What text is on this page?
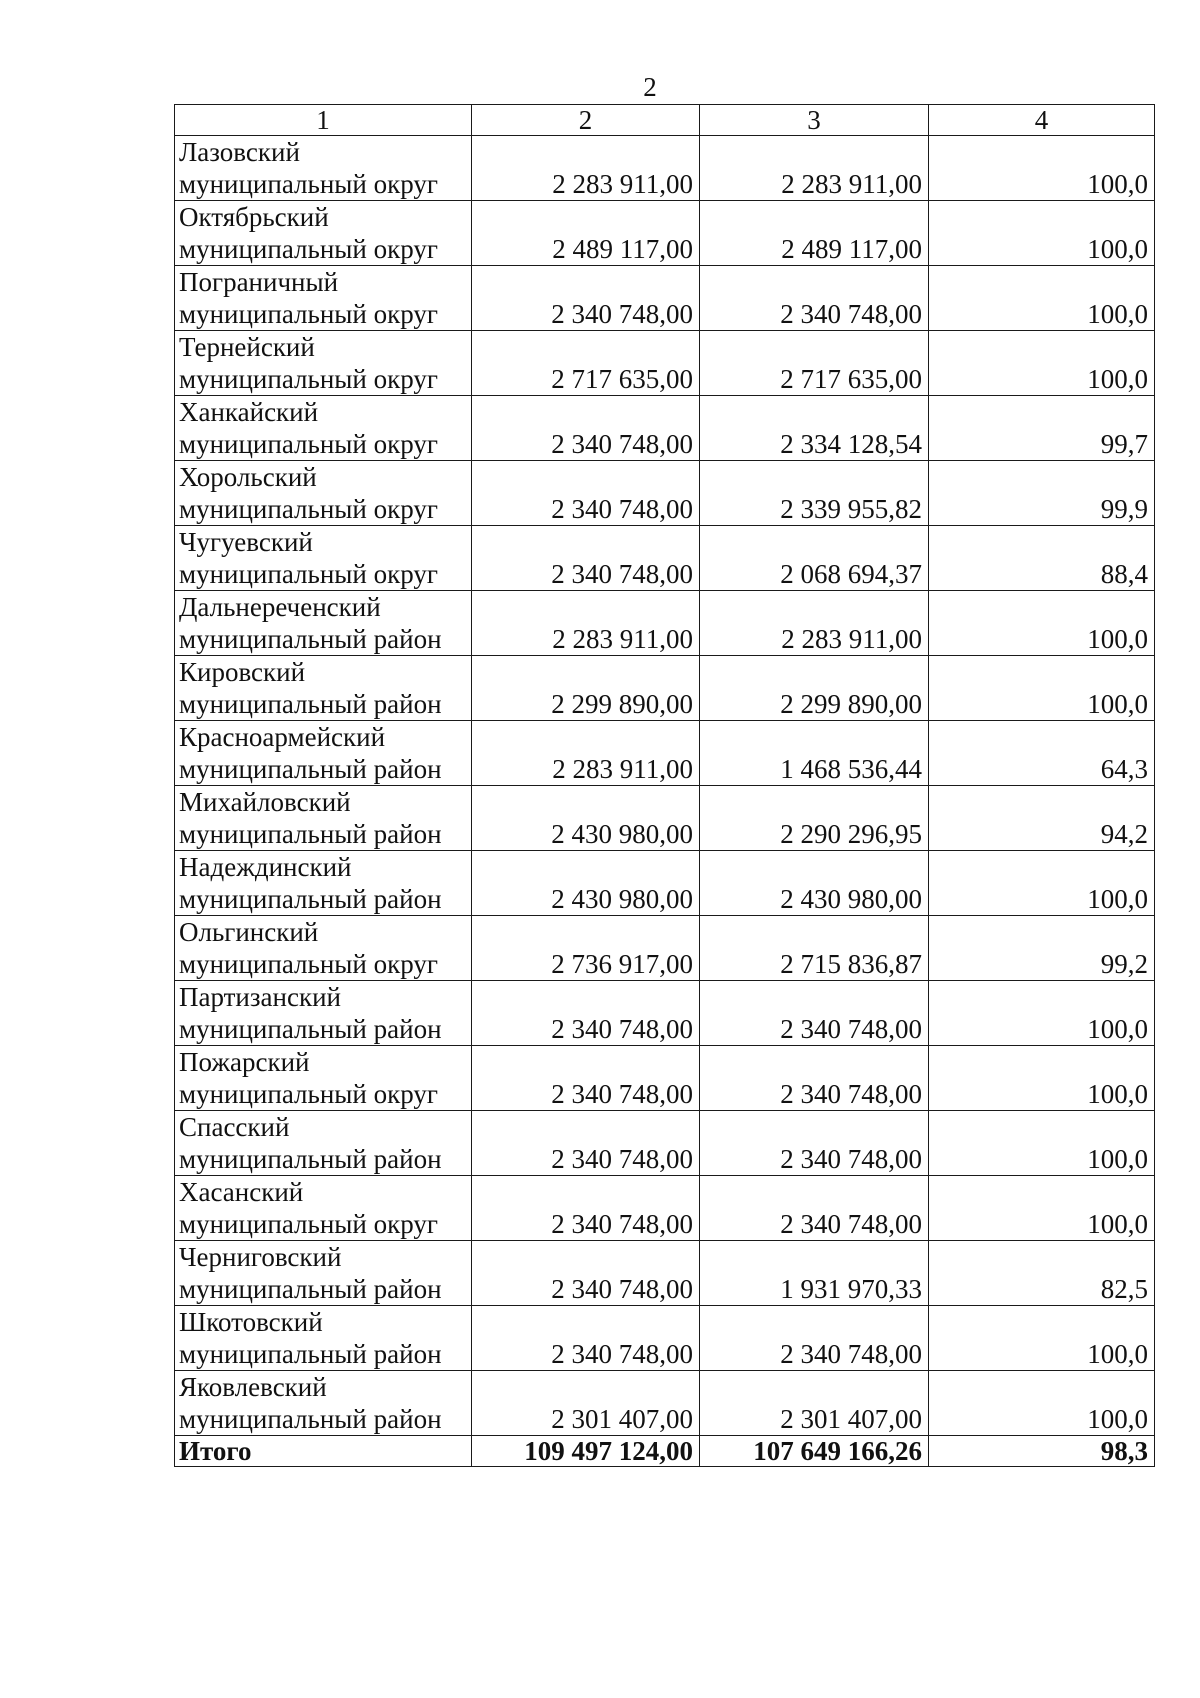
2
1	2	3	4

Лазовский
муниципальный округ	2 283 911,00	2 283 911,00	100,0

Октябрьский
муниципальный округ	2 489 117,00	2 489 117,00	100,0

Пограничный
муниципальный округ	2 340 748,00	2 340 748,00	100,0

Тернейский
муниципальный округ	2 717 635,00	2 717 635,00	100,0

Ханкайский
муниципальный округ	2 340 748,00	2 334 128,54	99,7

Хорольский
муниципальный округ	2 340 748,00	2 339 955,82	99,9

Чугуевский
муниципальный округ	2 340 748,00	2 068 694,37	88,4

Дальнереченский
муниципальный район	2 283 911,00	2 283 911,00	100,0

Кировский
муниципальный район	2 299 890,00	2 299 890,00	100,0

Красноармейский
муниципальный район	2 283 911,00	1 468 536,44	64,3

Михайловский
муниципальный район	2 430 980,00	2 290 296,95	94,2

Надеждинский
муниципальный район	2 430 980,00	2 430 980,00	100,0

Ольгинский
муниципальный округ	2 736 917,00	2 715 836,87	99,2

Партизанский
муниципальный район	2 340 748,00	2 340 748,00	100,0

Пожарский
муниципальный округ	2 340 748,00	2 340 748,00	100,0

Спасский
муниципальный район	2 340 748,00	2 340 748,00	100,0

Хасанский
муниципальный округ	2 340 748,00	2 340 748,00	100,0

Черниговский
муниципальный район	2 340 748,00	1 931 970,33	82,5

Шкотовский
муниципальный район	2 340 748,00	2 340 748,00	100,0

Яковлевский
муниципальный район	2 301 407,00	2 301 407,00	100,0
Итого	109 497 124,00	107 649 166,26	98,3
